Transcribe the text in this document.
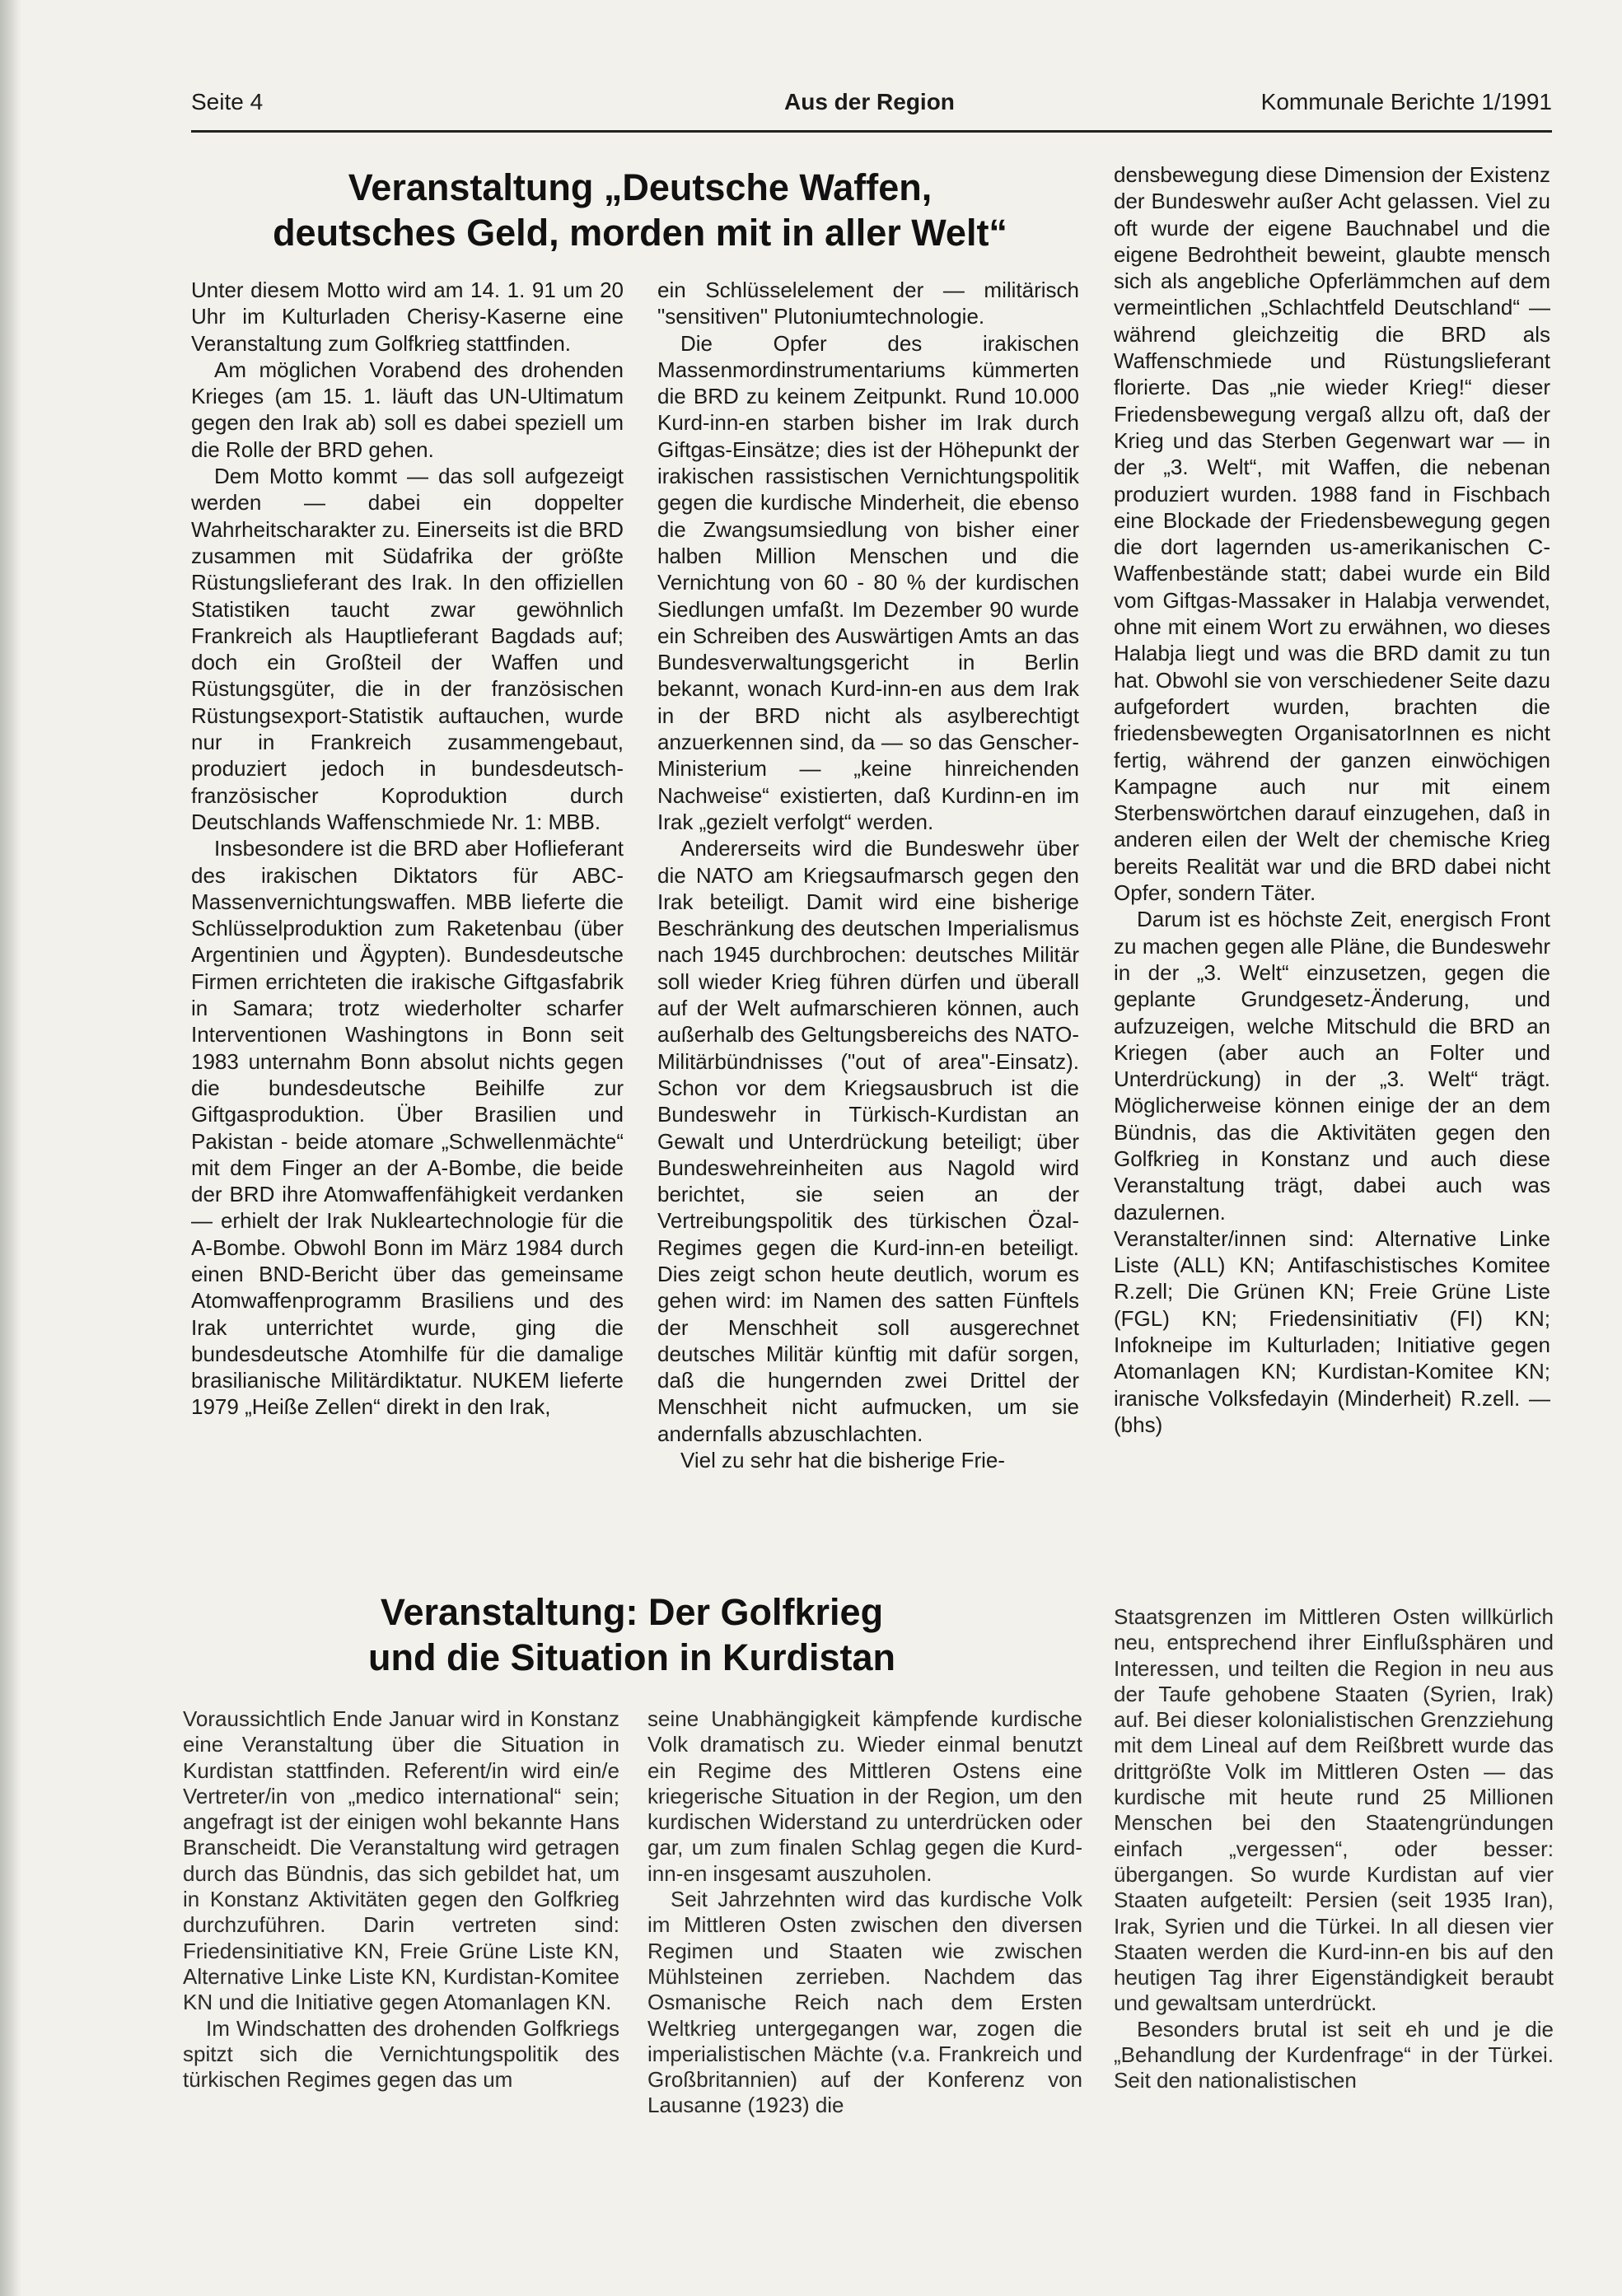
Seite 4	Aus der Region	Kommunale Berichte 1/1991
Veranstaltung „Deutsche Waffen,
deutsches Geld, morden mit in aller Welt“

Unter diesem Motto wird am 14. 1. 91 um 20 Uhr im Kulturladen Cherisy-Kaserne eine Veranstaltung zum Golfkrieg stattfinden.

Am möglichen Vorabend des drohenden Krieges (am 15. 1. läuft das UN-Ultimatum gegen den Irak ab) soll es dabei speziell um die Rolle der BRD gehen.

Dem Motto kommt — das soll aufgezeigt werden — dabei ein doppelter Wahrheitscharakter zu. Einerseits ist die BRD zusammen mit Südafrika der größte Rüstungslieferant des Irak. In den offiziellen Statistiken taucht zwar gewöhnlich Frankreich als Hauptlieferant Bagdads auf; doch ein Großteil der Waffen und Rüstungsgüter, die in der französischen Rüstungsexport-Statistik auftauchen, wurde nur in Frankreich zusammengebaut, produziert jedoch in bundesdeutsch-französischer Koproduktion durch Deutschlands Waffenschmiede Nr. 1: MBB.

Insbesondere ist die BRD aber Hoflieferant des irakischen Diktators für ABC-Massenvernichtungswaffen. MBB lieferte die Schlüsselproduktion zum Raketenbau (über Argentinien und Ägypten). Bundesdeutsche Firmen errichteten die irakische Giftgasfabrik in Samara; trotz wiederholter scharfer Interventionen Washingtons in Bonn seit 1983 unternahm Bonn absolut nichts gegen die bundesdeutsche Beihilfe zur Giftgasproduktion. Über Brasilien und Pakistan - beide atomare „Schwellenmächte“ mit dem Finger an der A-Bombe, die beide der BRD ihre Atomwaffenfähigkeit verdanken — erhielt der Irak Nukleartechnologie für die A-Bombe. Obwohl Bonn im März 1984 durch einen BND-Bericht über das gemeinsame Atomwaffenprogramm Brasiliens und des Irak unterrichtet wurde, ging die bundesdeutsche Atomhilfe für die damalige brasilianische Militärdiktatur. NUKEM lieferte 1979 „Heiße Zellen“ direkt in den Irak,

ein Schlüsselelement der — militärisch "sensitiven" Plutoniumtechnologie.

Die Opfer des irakischen Massenmordinstrumentariums kümmerten die BRD zu keinem Zeitpunkt. Rund 10.000 Kurd-inn-en starben bisher im Irak durch Giftgas-Einsätze; dies ist der Höhepunkt der irakischen rassistischen Vernichtungspolitik gegen die kurdische Minderheit, die ebenso die Zwangsumsiedlung von bisher einer halben Million Menschen und die Vernichtung von 60 - 80 % der kurdischen Siedlungen umfaßt. Im Dezember 90 wurde ein Schreiben des Auswärtigen Amts an das Bundesverwaltungsgericht in Berlin bekannt, wonach Kurd-inn-en aus dem Irak in der BRD nicht als asylberechtigt anzuerkennen sind, da — so das Genscher-Ministerium — „keine hinreichenden Nachweise“ existierten, daß Kurdinn-en im Irak „gezielt verfolgt“ werden.

Andererseits wird die Bundeswehr über die NATO am Kriegsaufmarsch gegen den Irak beteiligt. Damit wird eine bisherige Beschränkung des deutschen Imperialismus nach 1945 durchbrochen: deutsches Militär soll wieder Krieg führen dürfen und überall auf der Welt aufmarschieren können, auch außerhalb des Geltungsbereichs des NATO-Militärbündnisses ("out of area"-Einsatz). Schon vor dem Kriegsausbruch ist die Bundeswehr in Türkisch-Kurdistan an Gewalt und Unterdrückung beteiligt; über Bundeswehreinheiten aus Nagold wird berichtet, sie seien an der Vertreibungspolitik des türkischen Özal-Regimes gegen die Kurd-inn-en beteiligt. Dies zeigt schon heute deutlich, worum es gehen wird: im Namen des satten Fünftels der Menschheit soll ausgerechnet deutsches Militär künftig mit dafür sorgen, daß die hungernden zwei Drittel der Menschheit nicht aufmucken, um sie andernfalls abzuschlachten.

Viel zu sehr hat die bisherige Frie-

densbewegung diese Dimension der Existenz der Bundeswehr außer Acht gelassen. Viel zu oft wurde der eigene Bauchnabel und die eigene Bedrohtheit beweint, glaubte mensch sich als angebliche Opferlämmchen auf dem vermeintlichen „Schlachtfeld Deutschland“ — während gleichzeitig die BRD als Waffenschmiede und Rüstungslieferant florierte. Das „nie wieder Krieg!“ dieser Friedensbewegung vergaß allzu oft, daß der Krieg und das Sterben Gegenwart war — in der „3. Welt“, mit Waffen, die nebenan produziert wurden. 1988 fand in Fischbach eine Blockade der Friedensbewegung gegen die dort lagernden us-amerikanischen C-Waffenbestände statt; dabei wurde ein Bild vom Giftgas-Massaker in Halabja verwendet, ohne mit einem Wort zu erwähnen, wo dieses Halabja liegt und was die BRD damit zu tun hat. Obwohl sie von verschiedener Seite dazu aufgefordert wurden, brachten die friedensbewegten OrganisatorInnen es nicht fertig, während der ganzen einwöchigen Kampagne auch nur mit einem Sterbenswörtchen darauf einzugehen, daß in anderen eilen der Welt der chemische Krieg bereits Realität war und die BRD dabei nicht Opfer, sondern Täter.

Darum ist es höchste Zeit, energisch Front zu machen gegen alle Pläne, die Bundeswehr in der „3. Welt“ einzusetzen, gegen die geplante Grundgesetz-Änderung, und aufzuzeigen, welche Mitschuld die BRD an Kriegen (aber auch an Folter und Unterdrückung) in der „3. Welt“ trägt. Möglicherweise können einige der an dem Bündnis, das die Aktivitäten gegen den Golfkrieg in Konstanz und auch diese Veranstaltung trägt, dabei auch was dazulernen.

Veranstalter/innen sind: Alternative Linke Liste (ALL) KN; Antifaschistisches Komitee R.zell; Die Grünen KN; Freie Grüne Liste (FGL) KN; Friedensinitiativ (FI) KN; Infokneipe im Kulturladen; Initiative gegen Atomanlagen KN; Kurdistan-Komitee KN; iranische Volksfedayin (Minderheit) R.zell. — (bhs)

Veranstaltung: Der Golfkrieg
und die Situation in Kurdistan

Voraussichtlich Ende Januar wird in Konstanz eine Veranstaltung über die Situation in Kurdistan stattfinden. Referent/in wird ein/e Vertreter/in von „medico international“ sein; angefragt ist der einigen wohl bekannte Hans Branscheidt. Die Veranstaltung wird getragen durch das Bündnis, das sich gebildet hat, um in Konstanz Aktivitäten gegen den Golfkrieg durchzuführen. Darin vertreten sind: Friedensinitiative KN, Freie Grüne Liste KN, Alternative Linke Liste KN, Kurdistan-Komitee KN und die Initiative gegen Atomanlagen KN.

Im Windschatten des drohenden Golfkriegs spitzt sich die Vernichtungspolitik des türkischen Regimes gegen das um

seine Unabhängigkeit kämpfende kurdische Volk dramatisch zu. Wieder einmal benutzt ein Regime des Mittleren Ostens eine kriegerische Situation in der Region, um den kurdischen Widerstand zu unterdrücken oder gar, um zum finalen Schlag gegen die Kurd-inn-en insgesamt auszuholen.

Seit Jahrzehnten wird das kurdische Volk im Mittleren Osten zwischen den diversen Regimen und Staaten wie zwischen Mühlsteinen zerrieben. Nachdem das Osmanische Reich nach dem Ersten Weltkrieg untergegangen war, zogen die imperialistischen Mächte (v.a. Frankreich und Großbritannien) auf der Konferenz von Lausanne (1923) die

Staatsgrenzen im Mittleren Osten willkürlich neu, entsprechend ihrer Einflußsphären und Interessen, und teilten die Region in neu aus der Taufe gehobene Staaten (Syrien, Irak) auf. Bei dieser kolonialistischen Grenzziehung mit dem Lineal auf dem Reißbrett wurde das drittgrößte Volk im Mittleren Osten — das kurdische mit heute rund 25 Millionen Menschen bei den Staatengründungen einfach „vergessen“, oder besser: übergangen. So wurde Kurdistan auf vier Staaten aufgeteilt: Persien (seit 1935 Iran), Irak, Syrien und die Türkei. In all diesen vier Staaten werden die Kurd-inn-en bis auf den heutigen Tag ihrer Eigenständigkeit beraubt und gewaltsam unterdrückt.

Besonders brutal ist seit eh und je die „Behandlung der Kurdenfrage“ in der Türkei. Seit den nationalistischen
